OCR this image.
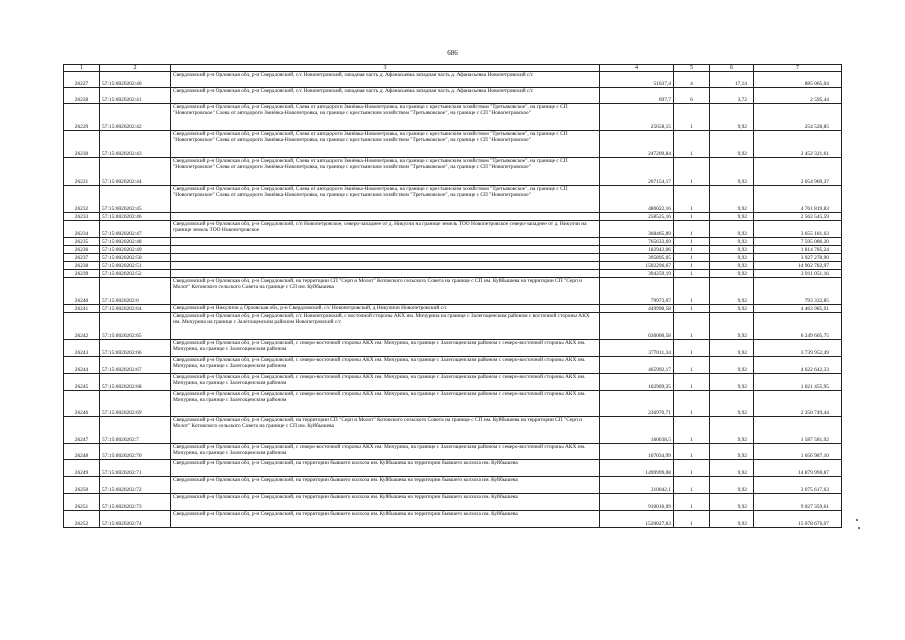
686
1	2	3	4	5	6	7
26227	57:15:0020202:40	Свердловский р-н Орловская обл, р-н Свердловский, с/с Новопетровский, западная часть д. Афанасьевка западная часть д. Афанасьевка Новопетровский с/с	51637,4	4	17,14	885 065,04
26228	57:15:0020202:41	Свердловский р-н Орловская обл, р-н Свердловский, с/с Новопетровский, западная часть д. Афанасьевка западная часть д. Афанасьевка Новопетровский с/с	697,7	6	3,72	2 595,44
26229	57:15:0020202:42	Свердловский р-н Орловская обл, р-н Свердловский, Слева от автодороги Змиёвка-Новопетровка, на границе с крестьянским хозяйством "Третьяковское", на границе с СП "Новопетровское" Слева от автодороги Змиёвка-Новопетровка, на границе с крестьянским хозяйством "Третьяковское", на границе с СП "Новопетровское"	25658,15	1	9,92	254 528,85
26230	57:15:0020202:43	Свердловский р-н Орловская обл, р-н Свердловский, Слева от автодороги Змиёвка-Новопетровка, на границе с крестьянским хозяйством "Третьяковское", на границе с СП "Новопетровское" Слева от автодороги Змиёвка-Новопетровка, на границе с крестьянским хозяйством "Третьяковское", на границе с СП "Новопетровское"	247209,84	1	9,92	2 452 321,61
26231	57:15:0020202:44	Свердловский р-н Орловская обл, р-н Свердловский, Слева от автодороги Змиёвка-Новопетровка, на границе с крестьянским хозяйством "Третьяковское", на границе с СП "Новопетровское" Слева от автодороги Змиёвка-Новопетровка, на границе с крестьянским хозяйством "Третьяковское", на границе с СП "Новопетровское"	207154,17	1	9,92	2 054 969,37
26232	57:15:0020202:45	Свердловский р-н Орловская обл, р-н Свердловский, Слева от автодороги Змиёвка-Новопетровка, на границе с крестьянским хозяйством "Третьяковское", на границе с СП "Новопетровское" Слева от автодороги Змиёвка-Новопетровка, на границе с крестьянским хозяйством "Третьяковское", на границе с СП "Новопетровское"	480022,16	1	9,92	4 761 819,83
26233	57:15:0020202:46		258525,16	1	9,92	2 562 545,59
26234	57:15:0020202:47	Свердловский р-н Орловская обл, р-н Свердловский, с/п Новопетровское, северо-западнее от д. Никулчи на границе земель ТОО Новопетровское северо-западнее от д. Никулчи на границе земель ТОО Новопетровское	368465,89	1	9,92	3 655 181,63
26235	57:15:0020202:48		765633,69	1	9,92	7 595 086,20
26236	57:15:0020202:49		182942,06	1	9,92	1 814 785,24
26237	57:15:0020202:50		395895,05	1	9,92	3 927 278,90
26238	57:15:0020202:51		1502296,67	1	9,92	14 902 782,97
26239	57:15:0020202:52		394259,19	1	9,92	3 911 051,16
26240	57:15:0020202:6	Свердловский р-н Орловская обл, р-н Свердловский, на территории СП "Серп и Молот" Котовского сельского Совета на границе с СП им. Куйбышева на территории СП "Серп и Молот" Котовского сельского Совета на границе с СП им. Куйбышева	79973,07	1	9,92	793 332,85
26241	57:15:0020202:64	Свердловский р-н Никуличи д Орловская обл, р-н Свердловский, с/с Новопетровский, д Никуличи Новопетровский с/с	449998,58	1	9,92	4 463 985,91
26242	57:15:0020202:65	Свердловский р-н Орловская обл, р-н Свердловский, с/с Новопетровский, с восточной стороны АКХ им. Мичурина на границе с Залегощенским районом с восточной стороны АКХ им. Мичурина на границе с Залегощенским районом Новопетровский с/с	630000,58	1	9,92	6 249 605,75
26243	57:15:0020202:66	Свердловский р-н Орловская обл, р-н Свердловский, с северо-восточной стороны АКХ им. Мичурина, на границе с Залегощенским районом с северо-восточной стороны АКХ им. Мичурина, на границе с Залегощенским районом	377011,34	1	9,92	3 739 952,49
26244	57:15:0020202:67	Свердловский р-н Орловская обл, р-н Свердловский, с северо-восточной стороны АКХ им. Мичурина, на границе с Залегощенским районом с северо-восточной стороны АКХ им. Мичурина, на границе с Залегощенским районом	465992,17	1	9,92	4 622 642,33
26245	57:15:0020202:68	Свердловский р-н Орловская обл, р-н Свердловский, с северо-восточной стороны АКХ им. Мичурина, на границе с Залегощенским районом с северо-восточной стороны АКХ им. Мичурина, на границе с Залегощенским районом	102969,35	1	9,92	1 021 455,95
26246	57:15:0020202:69	Свердловский р-н Орловская обл, р-н Свердловский, с северо-восточной стороны АКХ им. Мичурина, на границе с Залегощенским районом с северо-восточной стороны АКХ им. Мичурина, на границе с Залегощенским районом	236970,71	1	9,92	2 350 749,44
26247	57:15:0020202:7	Свердловский р-н Орловская обл, р-н Свердловский, на территории СП "Серп и Молот" Котовского сельского Совета на границе с СП им. Куйбышева на территории СП "Серп и Молот" Котовского сельского Совета на границе с СП им. Куйбышева	160038,5	1	9,92	1 587 581,92
26248	57:15:0020202:70	Свердловский р-н Орловская обл, р-н Свердловский, с северо-восточной стороны АКХ им. Мичурина, на границе с Залегощенским районом с северо-восточной стороны АКХ им. Мичурина, на границе с Залегощенским районом	167034,99	1	9,92	1 656 987,10
26249	57:15:0020202:71	Свердловский р-н Орловская обл, р-н Свердловский, на территории бывшего колхоза им. Куйбышева на территории бывшего колхоза им. Куйбышева	1499999,08	1	9,92	14 879 990,87
26250	57:15:0020202:72	Свердловский р-н Орловская обл, р-н Свердловский, на территории бывшего колхоза им. Куйбышева на территории бывшего колхоза им. Куйбышева	310042,1	1	9,92	3 075 617,63
26251	57:15:0020202:73	Свердловский р-н Орловская обл, р-н Свердловский, на территории бывшего колхоза им. Куйбышева на территории бывшего колхоза им. Куйбышева	910016,09	1	9,92	9 027 359,61
26252	57:15:0020202:74	Свердловский р-н Орловская обл, р-н Свердловский, на территории бывшего колхоза им. Куйбышева на территории бывшего колхоза им. Куйбышева	1520027,83	1	9,92	15 078 676,07
